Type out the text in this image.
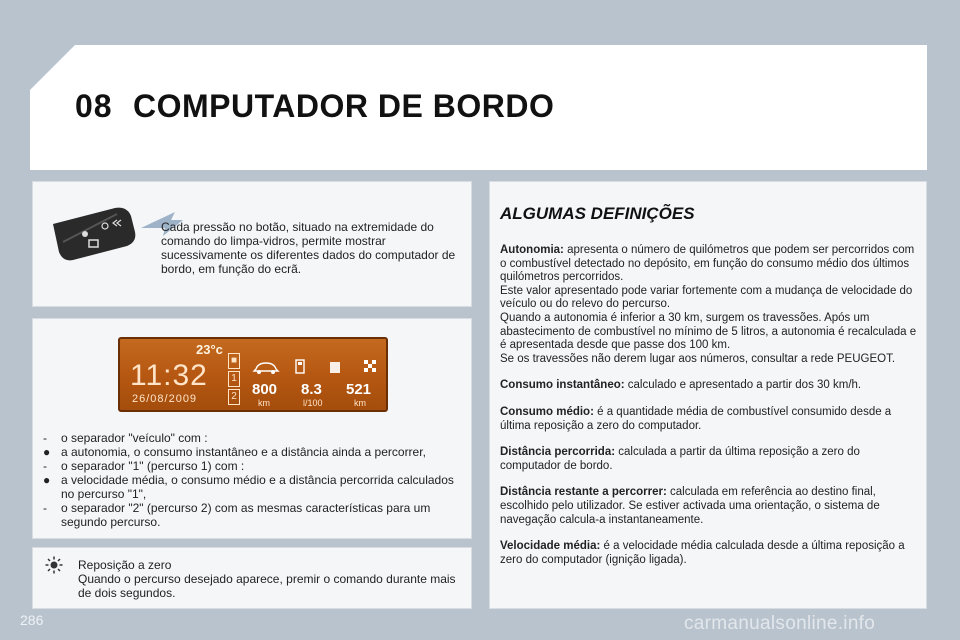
08 COMPUTADOR DE BORDO
Cada pressão no botão, situado na extremidade do comando do limpa-vidros, permite mostrar sucessivamente os diferentes dados do computador de bordo, em função do ecrã.
23°c
11:32
26/08/2009
■
1
2 800
km
8.3
l/100
521
km
-	o separador "veículo" com :
● a autonomia, o consumo instantâneo e a distância ainda a percorrer,
-	o separador "1" (percurso 1) com :
● a velocidade média, o consumo médio e a distância percorrida calculados no percurso "1",
-	o separador "2" (percurso 2) com as mesmas características para um segundo percurso.
Reposição a zero
Quando o percurso desejado aparece, premir o comando durante mais de dois segundos.
ALGUMAS DEFINIÇÕES

Autonomia: apresenta o número de quilómetros que podem ser percorridos com o combustível detectado no depósito, em função do consumo médio dos últimos quilómetros percorridos.
Este valor apresentado pode variar fortemente com a mudança de velocidade do veículo ou do relevo do percurso.
Quando a autonomia é inferior a 30 km, surgem os travessões. Após um abastecimento de combustível no mínimo de 5 litros, a autonomia é recalculada e é apresentada desde que passe dos 100 km.
Se os travessões não derem lugar aos números, consultar a rede PEUGEOT.

Consumo instantâneo: calculado e apresentado a partir dos 30 km/h.

Consumo médio: é a quantidade média de combustível consumido desde a última reposição a zero do computador.

Distância percorrida: calculada a partir da última reposição a zero do computador de bordo.

Distância restante a percorrer: calculada em referência ao destino final, escolhido pelo utilizador. Se estiver activada uma orientação, o sistema de navegação calcula-a instantaneamente.

Velocidade média: é a velocidade média calculada desde a última reposição a zero do computador (ignição ligada).

286	carmanualsonline.info
